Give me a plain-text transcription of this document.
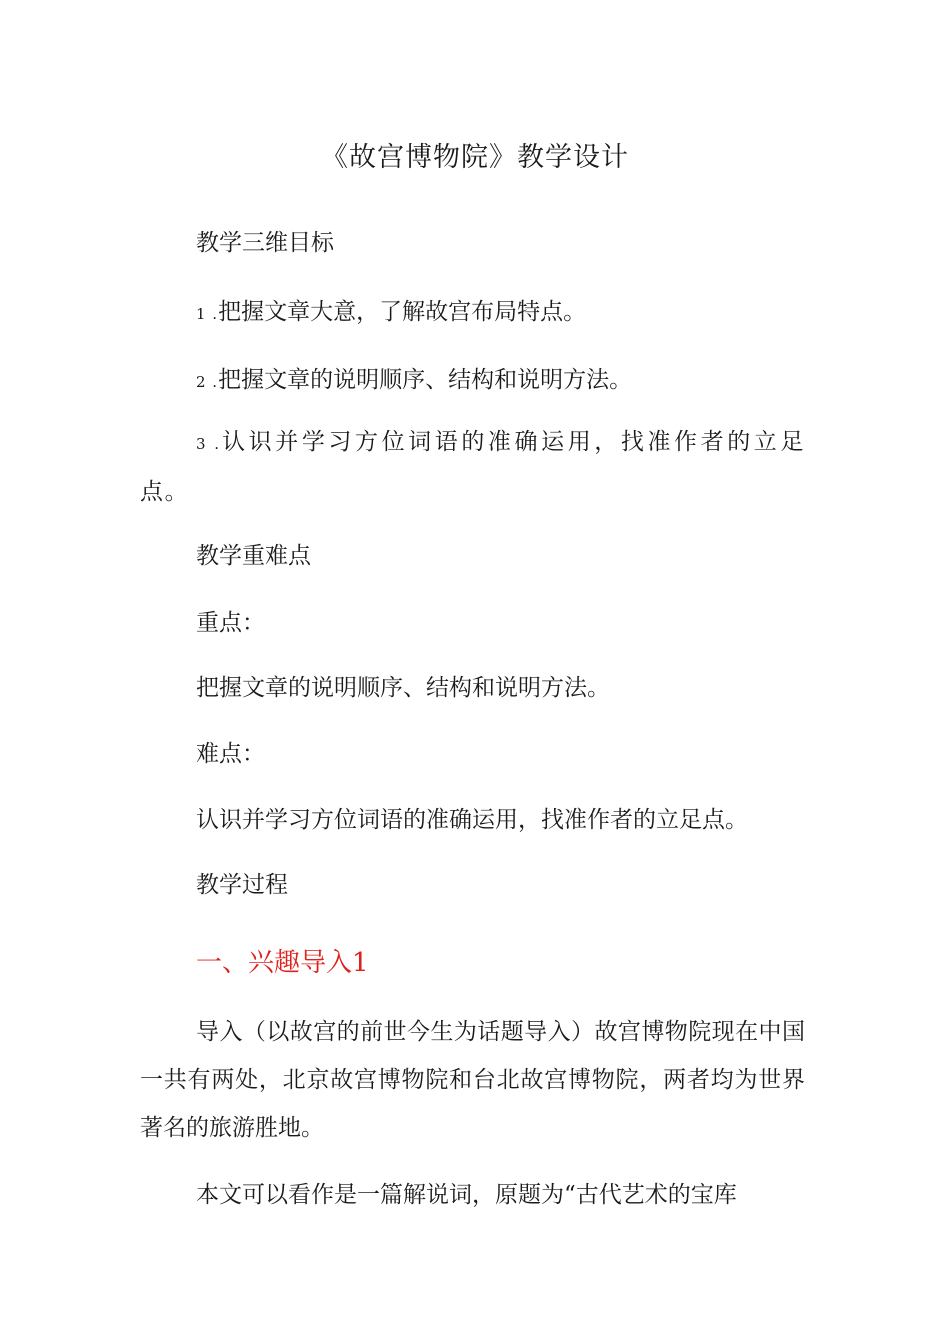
《故宫博物院》教学设计
教学三维目标
1 .把握文章大意，了解故宫布局特点。
2 .把握文章的说明顺序、结构和说明方法。

3 .认识并学习方位词语的准确运用，找准作者的立足点。

教学重难点
重点：
把握文章的说明顺序、结构和说明方法。
难点：
认识并学习方位词语的准确运用，找准作者的立足点。
教学过程
一、兴趣导入1

导入（以故宫的前世今生为话题导入）故宫博物院现在中国一共有两处，北京故宫博物院和台北故宫博物院，两者均为世界著名的旅游胜地。

本文可以看作是一篇解说词，原题为“古代艺术的宝库
